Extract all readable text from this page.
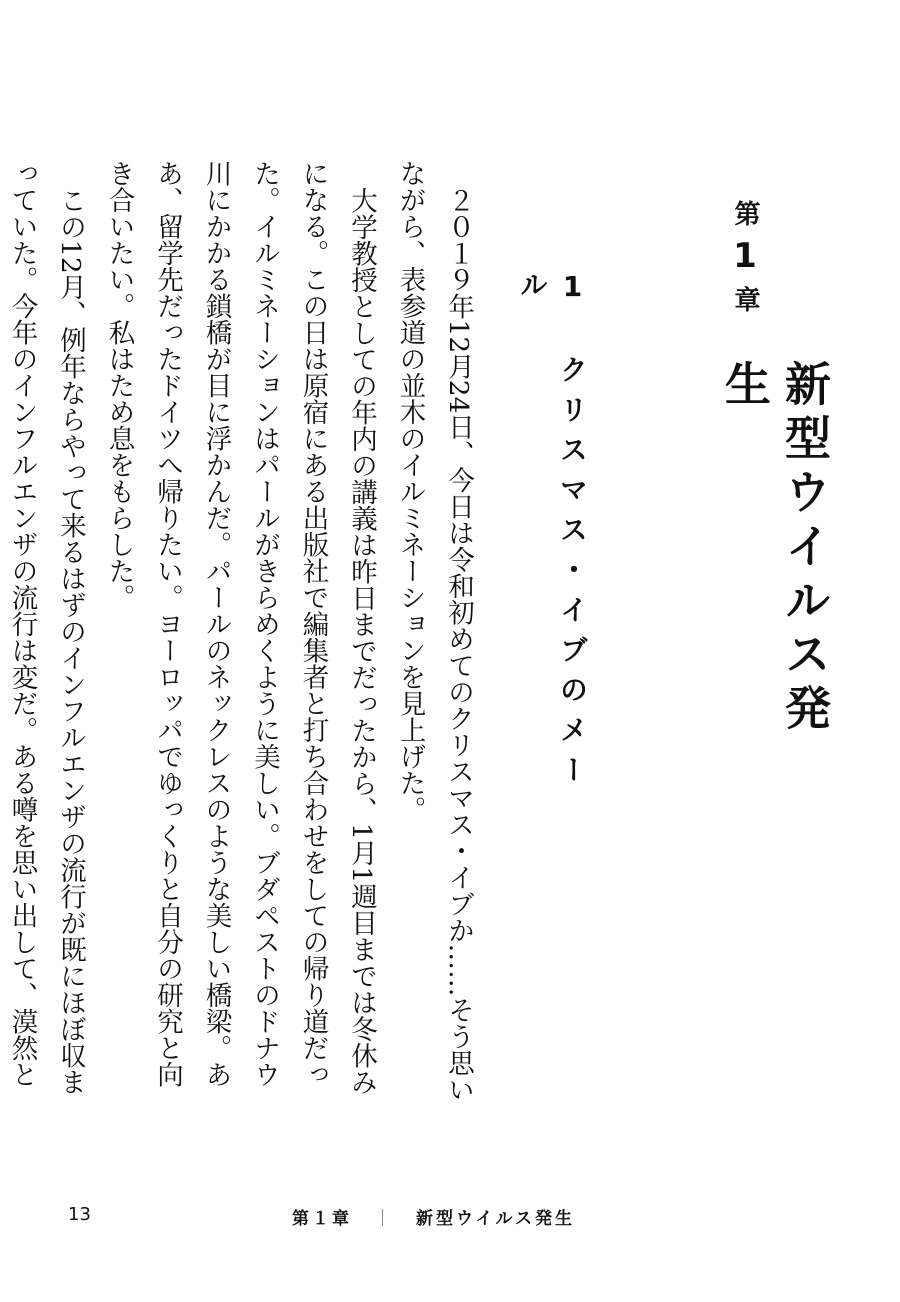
第1章
新型ウイルス発生
1　クリスマス・イブのメール

２０１９年12月24日、今日は令和初めてのクリスマス・イブか……そう思いながら、表参道の並木のイルミネーションを見上げた。

大学教授としての年内の講義は昨日までだったから、1月1週目までは冬休みになる。この日は原宿にある出版社で編集者と打ち合わせをしての帰り道だった。イルミネーションはパールがきらめくように美しい。ブダペストのドナウ川にかかる鎖橋が目に浮かんだ。パールのネックレスのような美しい橋梁。ああ、留学先だったドイツへ帰りたい。ヨーロッパでゆっくりと自分の研究と向き合いたい。私はため息をもらした。

この12月、例年ならやって来るはずのインフルエンザの流行が既にほぼ収まっていた。今年のインフルエンザの流行は変だ。ある噂を思い出して、漠然と

13	第１章 ｜ 新型ウイルス発生
